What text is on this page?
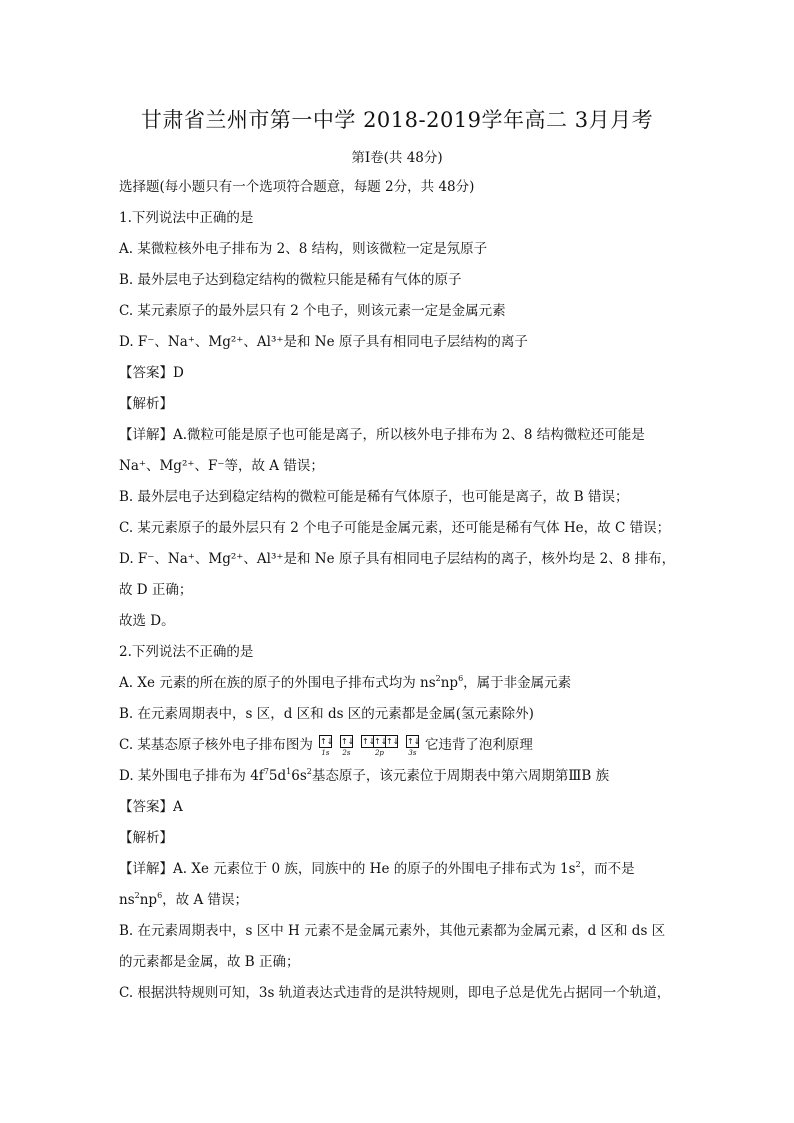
甘肃省兰州市第一中学 2018-2019学年高二 3月月考
第Ⅰ卷(共 48分)
选择题(每小题只有一个选项符合题意，每题 2分，共 48分)
1.下列说法中正确的是
A. 某微粒核外电子排布为 2、8 结构，则该微粒一定是氖原子
B. 最外层电子达到稳定结构的微粒只能是稀有气体的原子
C. 某元素原子的最外层只有 2 个电子，则该元素一定是金属元素
D. F⁻、Na⁺、Mg²⁺、Al³⁺是和 Ne 原子具有相同电子层结构的离子
【答案】D
【解析】
【详解】A.微粒可能是原子也可能是离子，所以核外电子排布为 2、8 结构微粒还可能是
Na⁺、Mg²⁺、F⁻等，故 A 错误；
B. 最外层电子达到稳定结构的微粒可能是稀有气体原子，也可能是离子，故 B 错误；
C. 某元素原子的最外层只有 2 个电子可能是金属元素，还可能是稀有气体 He，故 C 错误；
D. F⁻、Na⁺、Mg²⁺、Al³⁺是和 Ne 原子具有相同电子层结构的离子，核外均是 2、8 排布，
故 D 正确；
故选 D。
2.下列说法不正确的是
A. Xe 元素的所在族的原子的外围电子排布式均为 $ns^2np^6$，属于非金属元素
B. 在元素周期表中，s 区，d 区和 ds 区的元素都是金属(氢元素除外)
C. 某基态原子核外电子排布图为 ↑↓
1s
↑↓
2s
↑↓
↑↓
↑↓
2p
↑↓
3s 它违背了泡利原理
D. 某外围电子排布为 $4f^75d^16s^2$基态原子，该元素位于周期表中第六周期第ⅢB 族
【答案】A
【解析】
【详解】A. Xe 元素位于 0 族，同族中的 He 的原子的外围电子排布式为 $1s^2$，而不是
$ns^2np^6$，故 A 错误；
B. 在元素周期表中，s 区中 H 元素不是金属元素外，其他元素都为金属元素，d 区和 ds 区
的元素都是金属，故 B 正确；
C. 根据洪特规则可知，3s 轨道表达式违背的是洪特规则，即电子总是优先占据同一个轨道，
